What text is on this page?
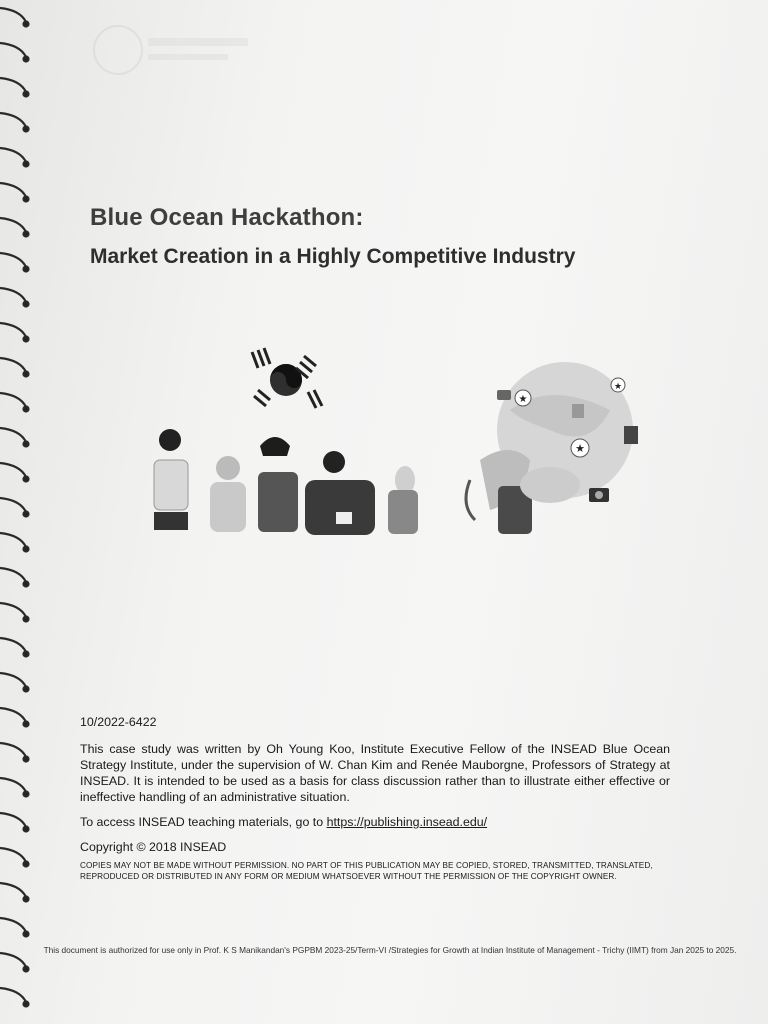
Blue Ocean Hackathon:
Market Creation in a Highly Competitive Industry
★
★
★

10/2022-6422

This case study was written by Oh Young Koo, Institute Executive Fellow of the INSEAD Blue Ocean Strategy Institute, under the supervision of W. Chan Kim and Renée Mauborgne, Professors of Strategy at INSEAD. It is intended to be used as a basis for class discussion rather than to illustrate either effective or ineffective handling of an administrative situation.

To access INSEAD teaching materials, go to https://publishing.insead.edu/

Copyright © 2018 INSEAD

COPIES MAY NOT BE MADE WITHOUT PERMISSION. NO PART OF THIS PUBLICATION MAY BE COPIED, STORED, TRANSMITTED, TRANSLATED, REPRODUCED OR DISTRIBUTED IN ANY FORM OR MEDIUM WHATSOEVER WITHOUT THE PERMISSION OF THE COPYRIGHT OWNER.

This document is authorized for use only in Prof. K S Manikandan's PGPBM 2023-25/Term-VI /Strategies for Growth at Indian Institute of Management - Trichy (IIMT) from Jan 2025 to 2025.
